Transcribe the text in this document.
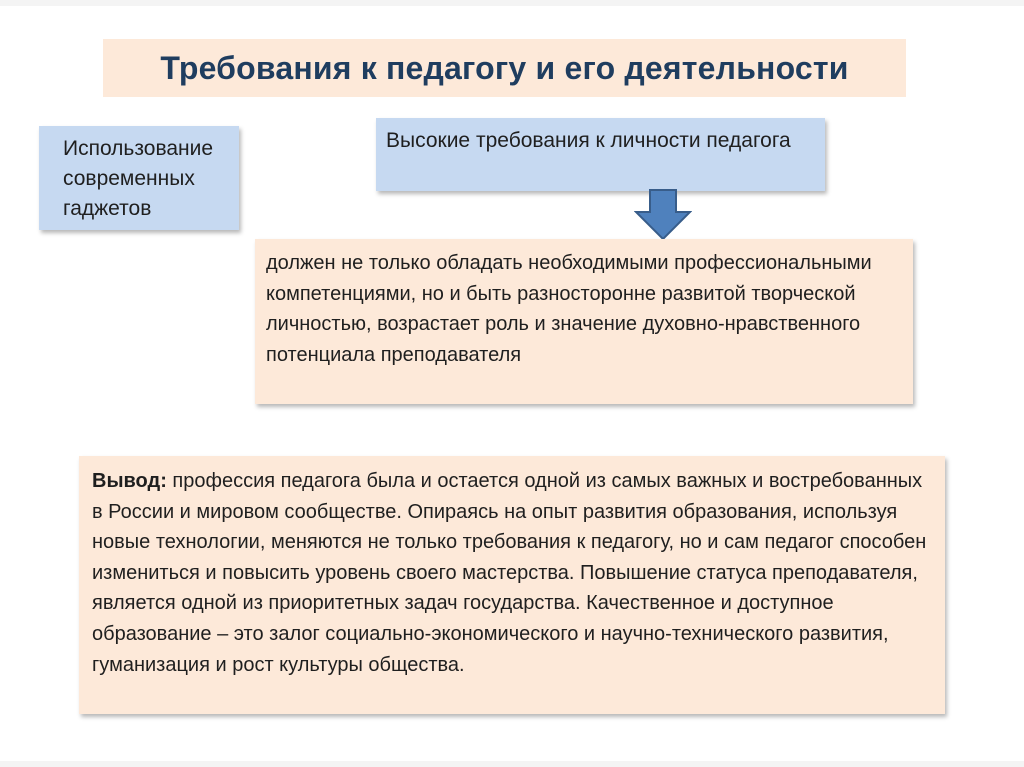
Требования к педагогу и его деятельности
Использование современных гаджетов
Высокие требования к личности педагога
должен не только обладать необходимыми профессиональными компетенциями, но и быть разносторонне развитой творческой личностью, возрастает роль и значение духовно-нравственного потенциала преподавателя

Вывод: профессия педагога была и остается одной из самых важных и востребованных в России и мировом сообществе. Опираясь на опыт развития образования, используя новые технологии, меняются не только требования к педагогу, но и сам педагог способен измениться и повысить уровень своего мастерства. Повышение статуса преподавателя, является одной из приоритетных задач государства. Качественное и доступное образование – это залог социально-экономического и научно-технического развития, гуманизация и рост культуры общества.
